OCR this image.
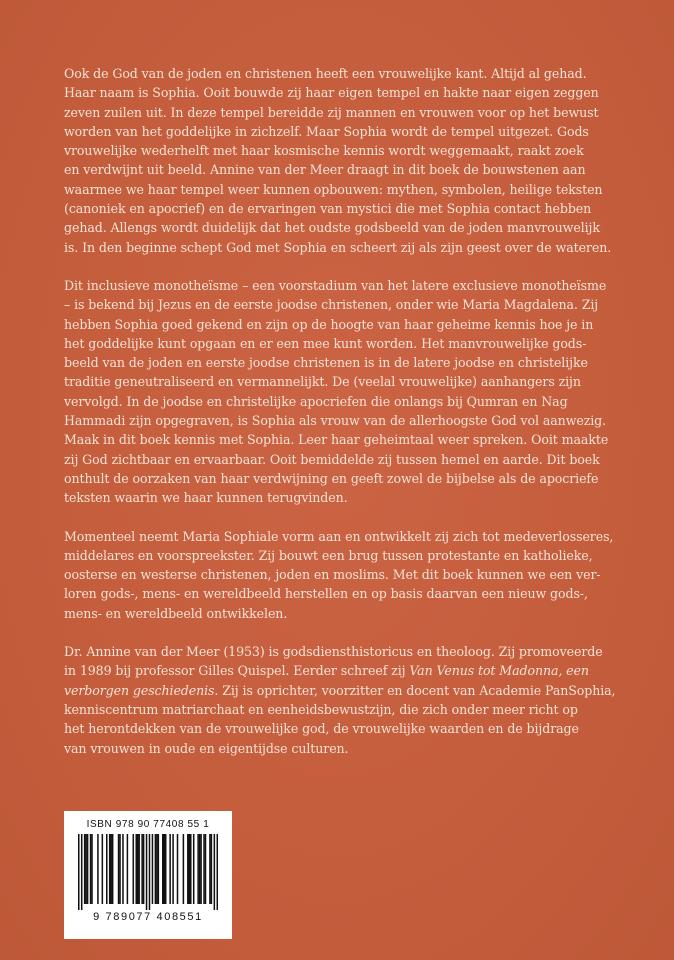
Ook de God van de joden en christenen heeft een vrouwelijke kant. Altijd al gehad.
Haar naam is Sophia. Ooit bouwde zij haar eigen tempel en hakte naar eigen zeggen
zeven zuilen uit. In deze tempel bereidde zij mannen en vrouwen voor op het bewust
worden van het goddelijke in zichzelf. Maar Sophia wordt de tempel uitgezet. Gods
vrouwelijke wederhelft met haar kosmische kennis wordt weggemaakt, raakt zoek
en verdwijnt uit beeld. Annine van der Meer draagt in dit boek de bouwstenen aan
waarmee we haar tempel weer kunnen opbouwen: mythen, symbolen, heilige teksten
(canoniek en apocrief) en de ervaringen van mystici die met Sophia contact hebben
gehad. Allengs wordt duidelijk dat het oudste godsbeeld van de joden manvrouwelijk
is. In den beginne schept God met Sophia en scheert zij als zijn geest over de wateren.
Dit inclusieve monotheïsme – een voorstadium van het latere exclusieve monotheïsme
– is bekend bij Jezus en de eerste joodse christenen, onder wie Maria Magdalena. Zij
hebben Sophia goed gekend en zijn op de hoogte van haar geheime kennis hoe je in
het goddelijke kunt opgaan en er een mee kunt worden. Het manvrouwelijke gods-
beeld van de joden en eerste joodse christenen is in de latere joodse en christelijke
traditie geneutraliseerd en vermannelijkt. De (veelal vrouwelijke) aanhangers zijn
vervolgd. In de joodse en christelijke apocriefen die onlangs bij Qumran en Nag
Hammadi zijn opgegraven, is Sophia als vrouw van de allerhoogste God vol aanwezig.
Maak in dit boek kennis met Sophia. Leer haar geheimtaal weer spreken. Ooit maakte
zij God zichtbaar en ervaarbaar. Ooit bemiddelde zij tussen hemel en aarde. Dit boek
onthult de oorzaken van haar verdwijning en geeft zowel de bijbelse als de apocriefe
teksten waarin we haar kunnen terugvinden.
Momenteel neemt Maria Sophiale vorm aan en ontwikkelt zij zich tot medeverlosseres,
middelares en voorspreekster. Zij bouwt een brug tussen protestante en katholieke,
oosterse en westerse christenen, joden en moslims. Met dit boek kunnen we een ver-
loren gods-, mens- en wereldbeeld herstellen en op basis daarvan een nieuw gods-,
mens- en wereldbeeld ontwikkelen.
Dr. Annine van der Meer (1953) is godsdiensthistoricus en theoloog. Zij promoveerde
in 1989 bij professor Gilles Quispel. Eerder schreef zij Van Venus tot Madonna, een
verborgen geschiedenis. Zij is oprichter, voorzitter en docent van Academie PanSophia,
kenniscentrum matriarchaat en eenheidsbewustzijn, die zich onder meer richt op
het herontdekken van de vrouwelijke god, de vrouwelijke waarden en de bijdrage
van vrouwen in oude en eigentijdse culturen.
ISBN 978 90 77408 55 1
9 789077 408551
